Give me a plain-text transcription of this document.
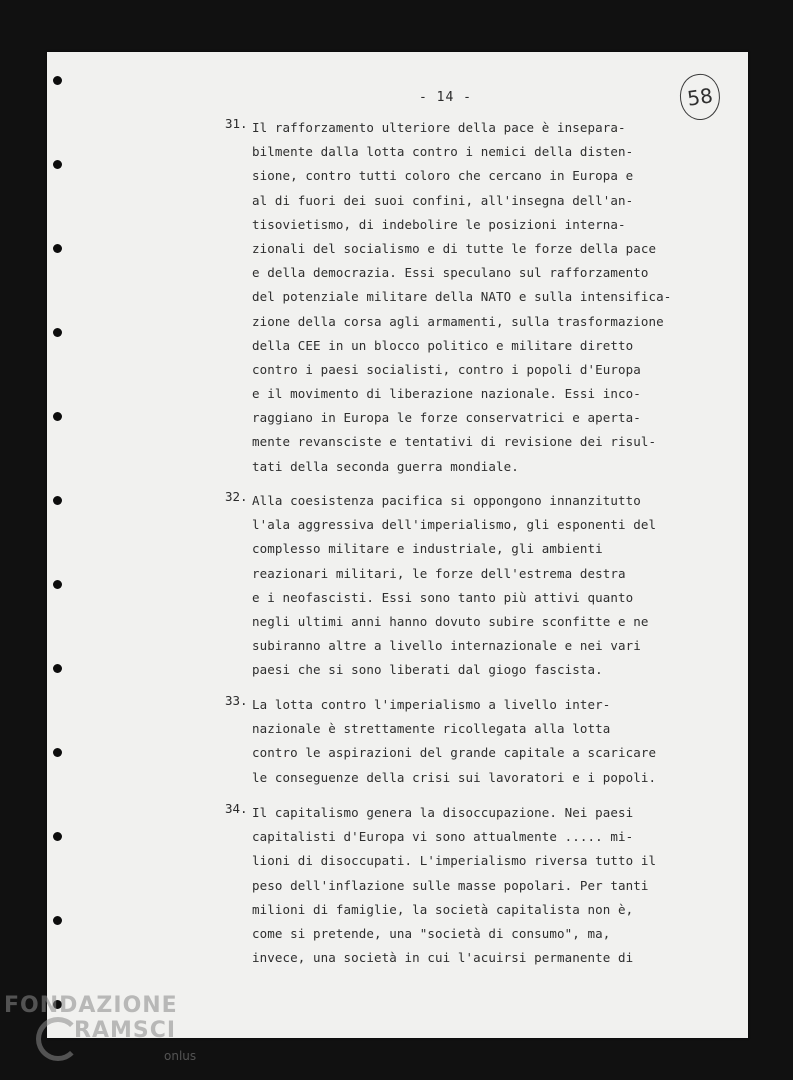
- 14 -	58
31. Il rafforzamento ulteriore della pace è insepara-
bilmente dalla lotta contro i nemici della disten-
sione, contro tutti coloro che cercano in Europa e
al di fuori dei suoi confini, all'insegna dell'an-
tisovietismo, di indebolire le posizioni interna-
zionali del socialismo e di tutte le forze della pace
e della democrazia. Essi speculano sul rafforzamento
del potenziale militare della NATO e sulla intensifica-
zione della corsa agli armamenti, sulla trasformazione
della CEE in un blocco politico e militare diretto
contro i paesi socialisti, contro i popoli d'Europa
e il movimento di liberazione nazionale. Essi inco-
raggiano in Europa le forze conservatrici e aperta-
mente revansciste e tentativi di revisione dei risul-
tati della seconda guerra mondiale.
32. Alla coesistenza pacifica si oppongono innanzitutto
l'ala aggressiva dell'imperialismo, gli esponenti del
complesso militare e industriale, gli ambienti
reazionari militari, le forze dell'estrema destra
e i neofascisti. Essi sono tanto più attivi quanto
negli ultimi anni hanno dovuto subire sconfitte e ne
subiranno altre a livello internazionale e nei vari
paesi che si sono liberati dal giogo fascista.
33. La lotta contro l'imperialismo a livello inter-
nazionale è strettamente ricollegata alla lotta
contro le aspirazioni del grande capitale a scaricare
le conseguenze della crisi sui lavoratori e i popoli.
34. Il capitalismo genera la disoccupazione. Nei paesi
capitalisti d'Europa vi sono attualmente ..... mi-
lioni di disoccupati. L'imperialismo riversa tutto il
peso dell'inflazione sulle masse popolari. Per tanti
milioni di famiglie, la società capitalista non è,
come si pretende, una "società di consumo", ma,
invece, una società in cui l'acuirsi permanente di
FONDAZIONE
RAMSCI
onlus
